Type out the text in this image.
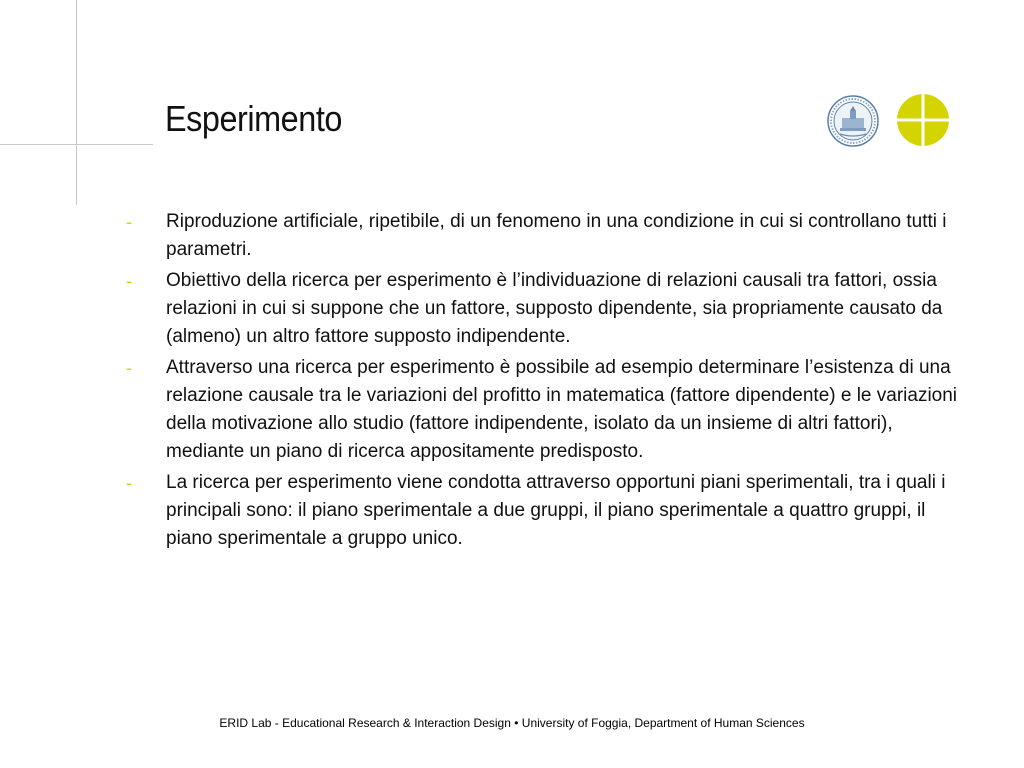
Esperimento
-	Riproduzione artificiale, ripetibile, di un fenomeno in una condizione in cui si controllano tutti i parametri.
-	Obiettivo della ricerca per esperimento è l’individuazione di relazioni causali tra fattori, ossia relazioni in cui si suppone che un fattore, supposto dipendente, sia propriamente causato da (almeno) un altro fattore supposto indipendente.
-	Attraverso una ricerca per esperimento è possibile ad esempio determinare l’esistenza di una relazione causale tra le variazioni del profitto in matematica (fattore dipendente) e le variazioni della motivazione allo studio (fattore indipendente, isolato da un insieme di altri fattori), mediante un piano di ricerca appositamente predisposto.
-	La ricerca per esperimento viene condotta attraverso opportuni piani sperimentali, tra i quali i principali sono: il piano sperimentale a due gruppi, il piano sperimentale a quattro gruppi, il piano sperimentale a gruppo unico.
ERID Lab - Educational Research & Interaction Design • University of Foggia, Department of Human Sciences
